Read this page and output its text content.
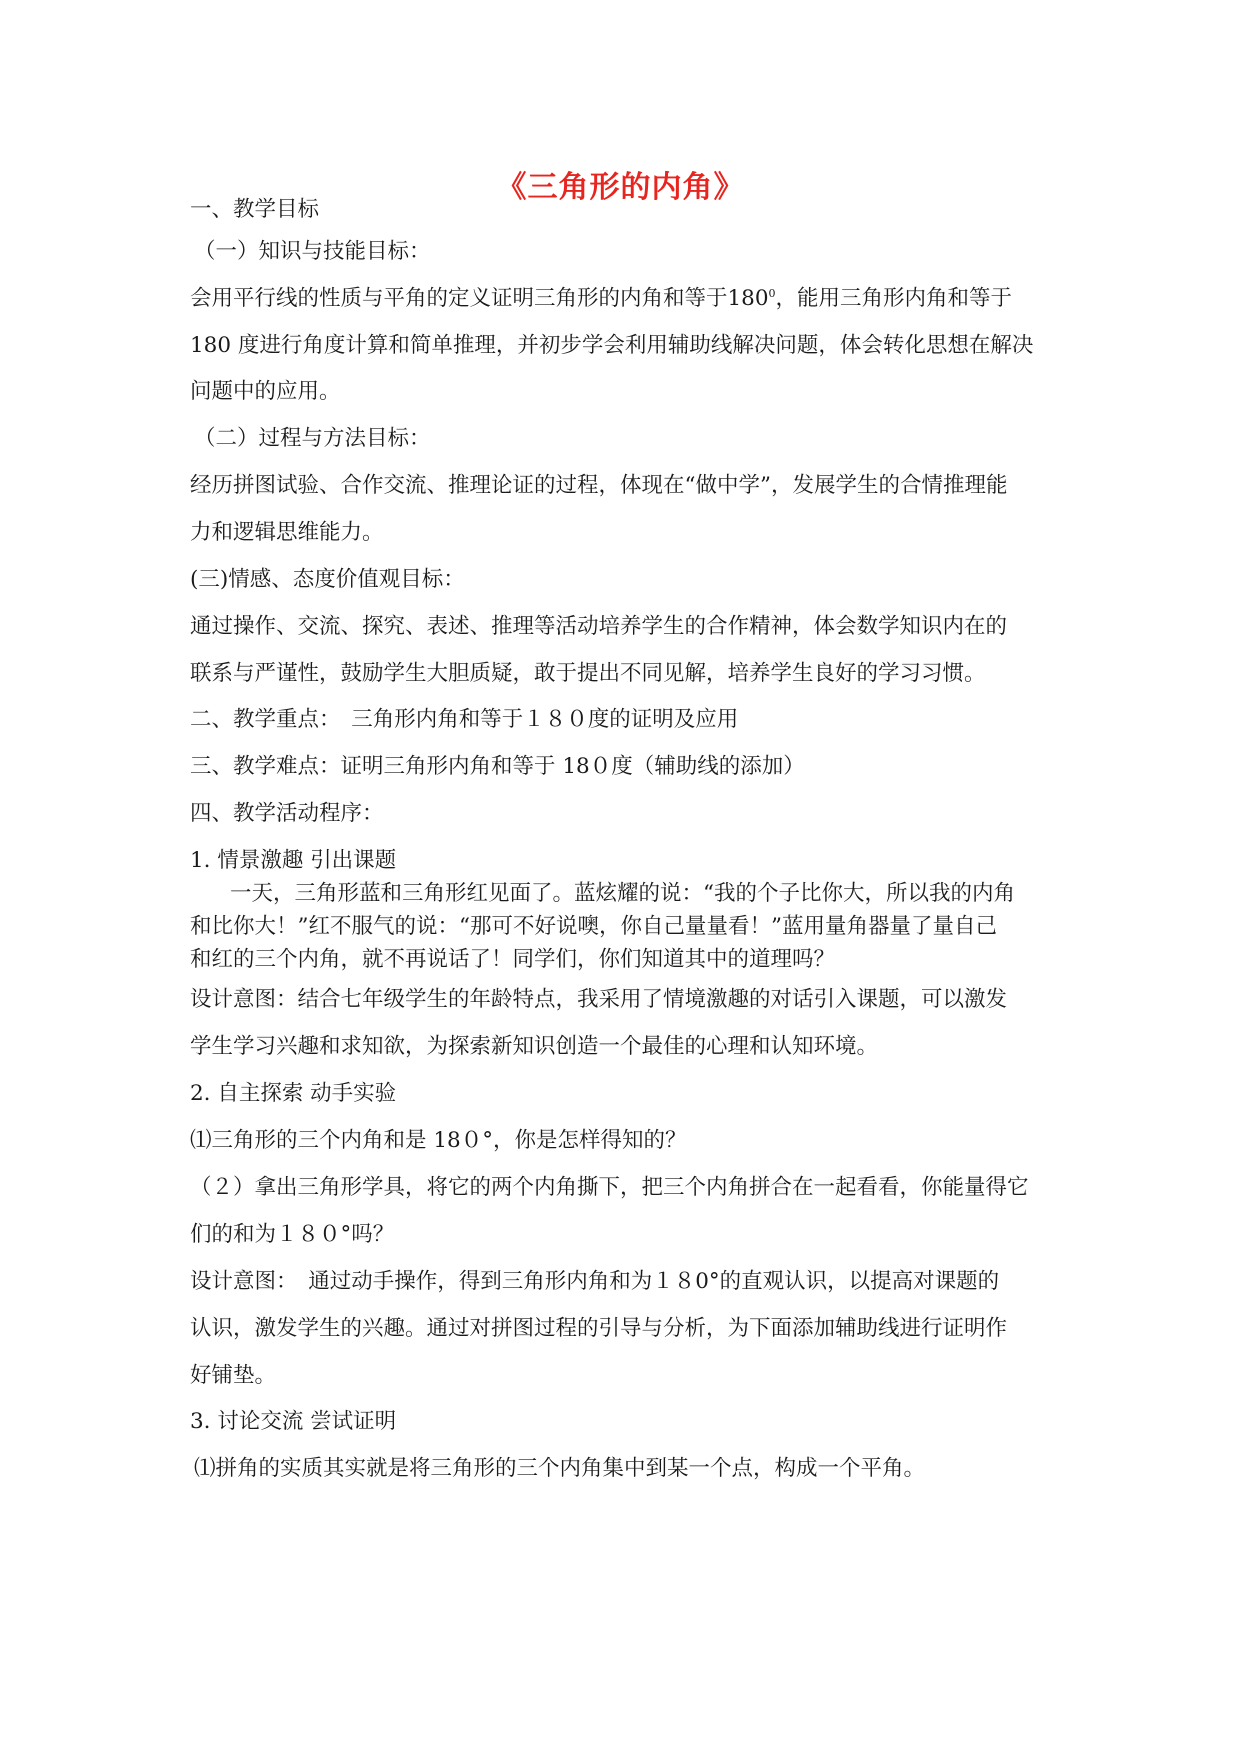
《三角形的内角》
一、教学目标
（一）知识与技能目标：
会用平行线的性质与平角的定义证明三角形的内角和等于$180^0$，能用三角形内角和等于
180 度进行角度计算和简单推理，并初步学会利用辅助线解决问题，体会转化思想在解决
问题中的应用。
（二）过程与方法目标：
经历拼图试验、合作交流、推理论证的过程，体现在“做中学”，发展学生的合情推理能
力和逻辑思维能力。
(三)情感、态度价值观目标：
通过操作、交流、探究、表述、推理等活动培养学生的合作精神，体会数学知识内在的
联系与严谨性，鼓励学生大胆质疑，敢于提出不同见解，培养学生良好的学习习惯。
二、教学重点：　三角形内角和等于１８０度的证明及应用
三、教学难点：证明三角形内角和等于 18０度（辅助线的添加）
四、教学活动程序：
1. 情景激趣 引出课题
一天，三角形蓝和三角形红见面了。蓝炫耀的说：“我的个子比你大，所以我的内角
和比你大！”红不服气的说：“那可不好说噢，你自己量量看！”蓝用量角器量了量自己
和红的三个内角，就不再说话了！同学们，你们知道其中的道理吗？
设计意图：结合七年级学生的年龄特点，我采用了情境激趣的对话引入课题，可以激发
学生学习兴趣和求知欲，为探索新知识创造一个最佳的心理和认知环境。
2. 自主探索 动手实验
⑴三角形的三个内角和是 18０°，你是怎样得知的？
（２）拿出三角形学具，将它的两个内角撕下，把三个内角拼合在一起看看，你能量得它
们的和为１８０°吗？
设计意图：　通过动手操作，得到三角形内角和为１８0°的直观认识，以提高对课题的
认识，激发学生的兴趣。通过对拼图过程的引导与分析，为下面添加辅助线进行证明作
好铺垫。
3. 讨论交流 尝试证明
⑴拼角的实质其实就是将三角形的三个内角集中到某一个点，构成一个平角。
